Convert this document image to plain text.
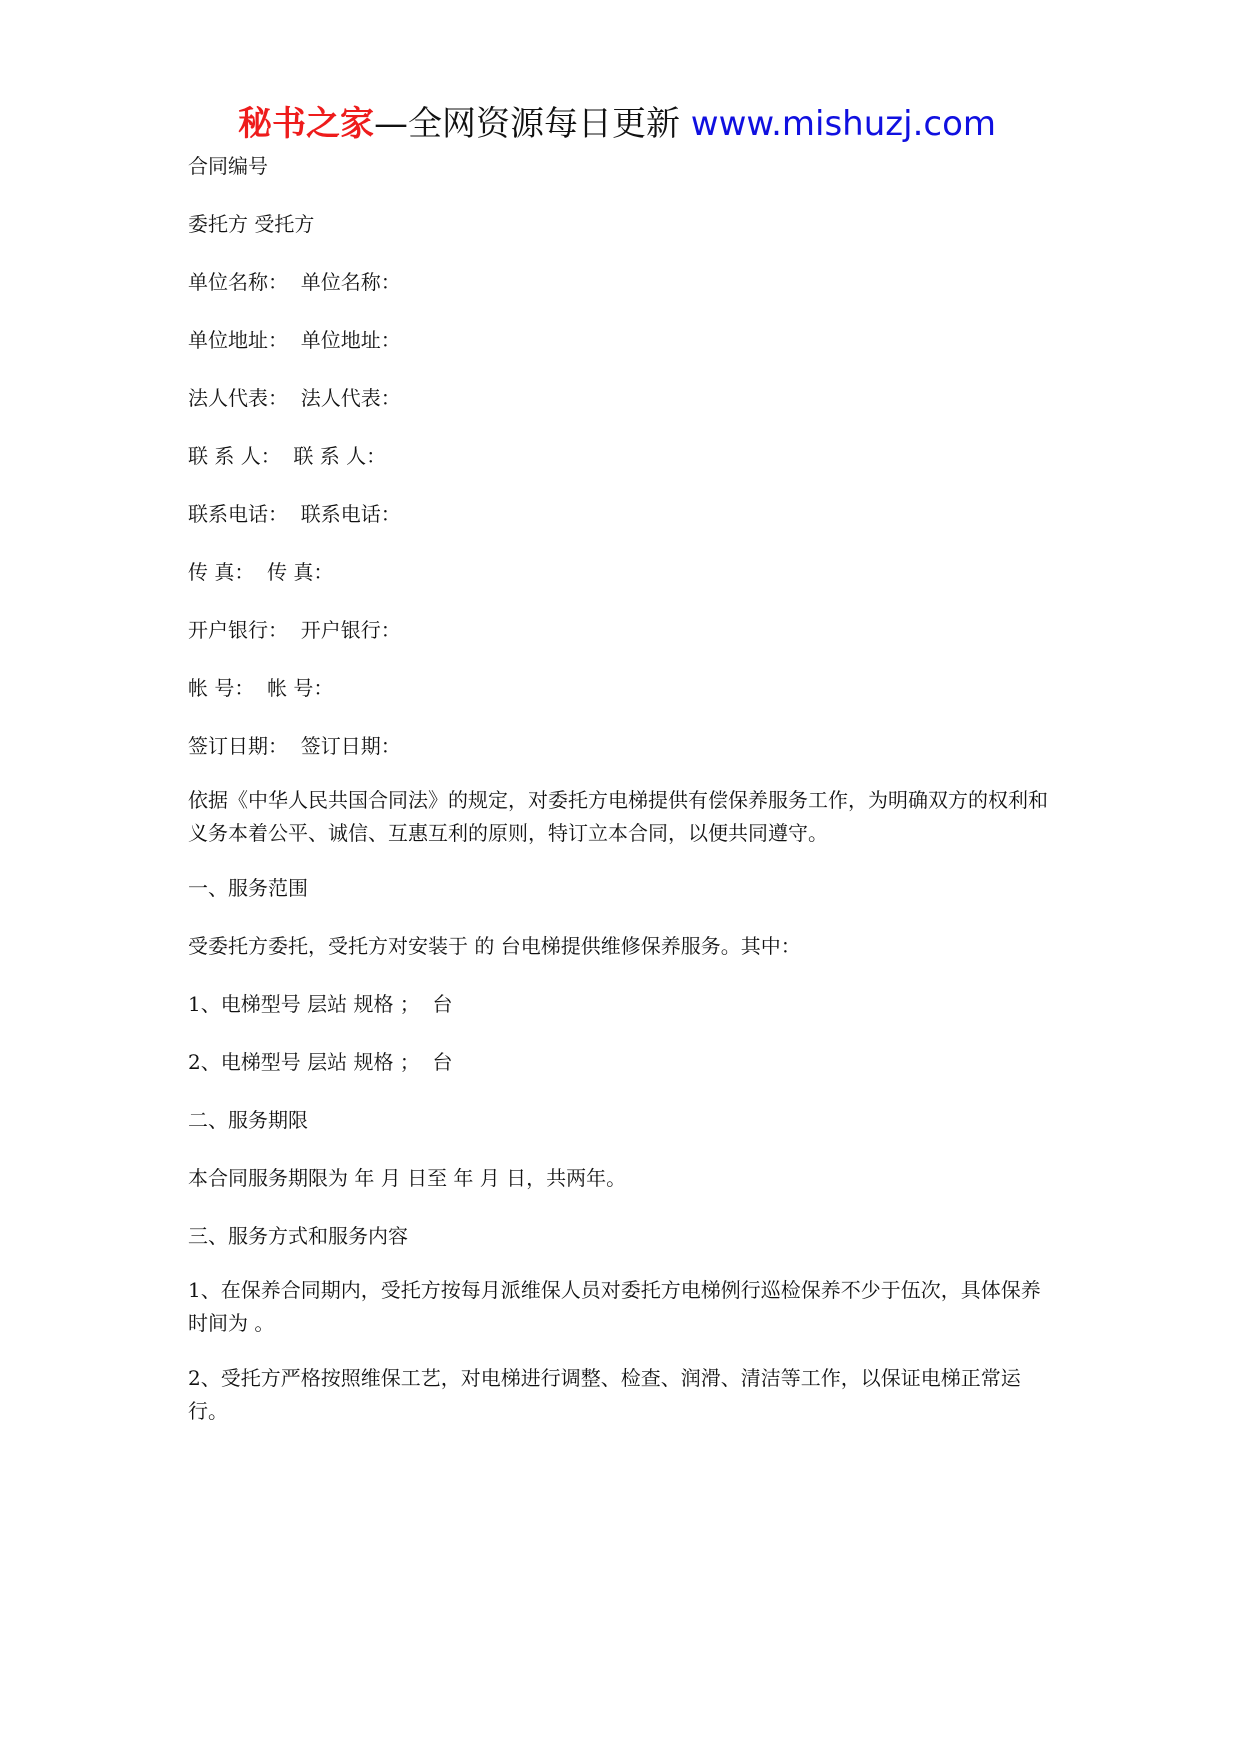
秘书之家—全网资源每日更新 www.mishuzj.com
合同编号
委托方 受托方
单位名称：  单位名称：
单位地址：  单位地址：
法人代表：  法人代表：
联 系 人：  联 系 人：
联系电话：  联系电话：
传 真：  传 真：
开户银行：  开户银行：
帐 号：  帐 号：
签订日期：  签订日期：
依据《中华人民共国合同法》的规定，对委托方电梯提供有偿保养服务工作，为明确双方的权利和义务本着公平、诚信、互惠互利的原则，特订立本合同，以便共同遵守。
一、服务范围
受委托方委托，受托方对安装于 的 台电梯提供维修保养服务。其中：
1、电梯型号 层站 规格 ；  台
2、电梯型号 层站 规格 ；  台
二、服务期限
本合同服务期限为 年 月 日至 年 月 日，共两年。
三、服务方式和服务内容
1、在保养合同期内，受托方按每月派维保人员对委托方电梯例行巡检保养不少于伍次，具体保养时间为 。
2、受托方严格按照维保工艺，对电梯进行调整、检查、润滑、清洁等工作，以保证电梯正常运行。
